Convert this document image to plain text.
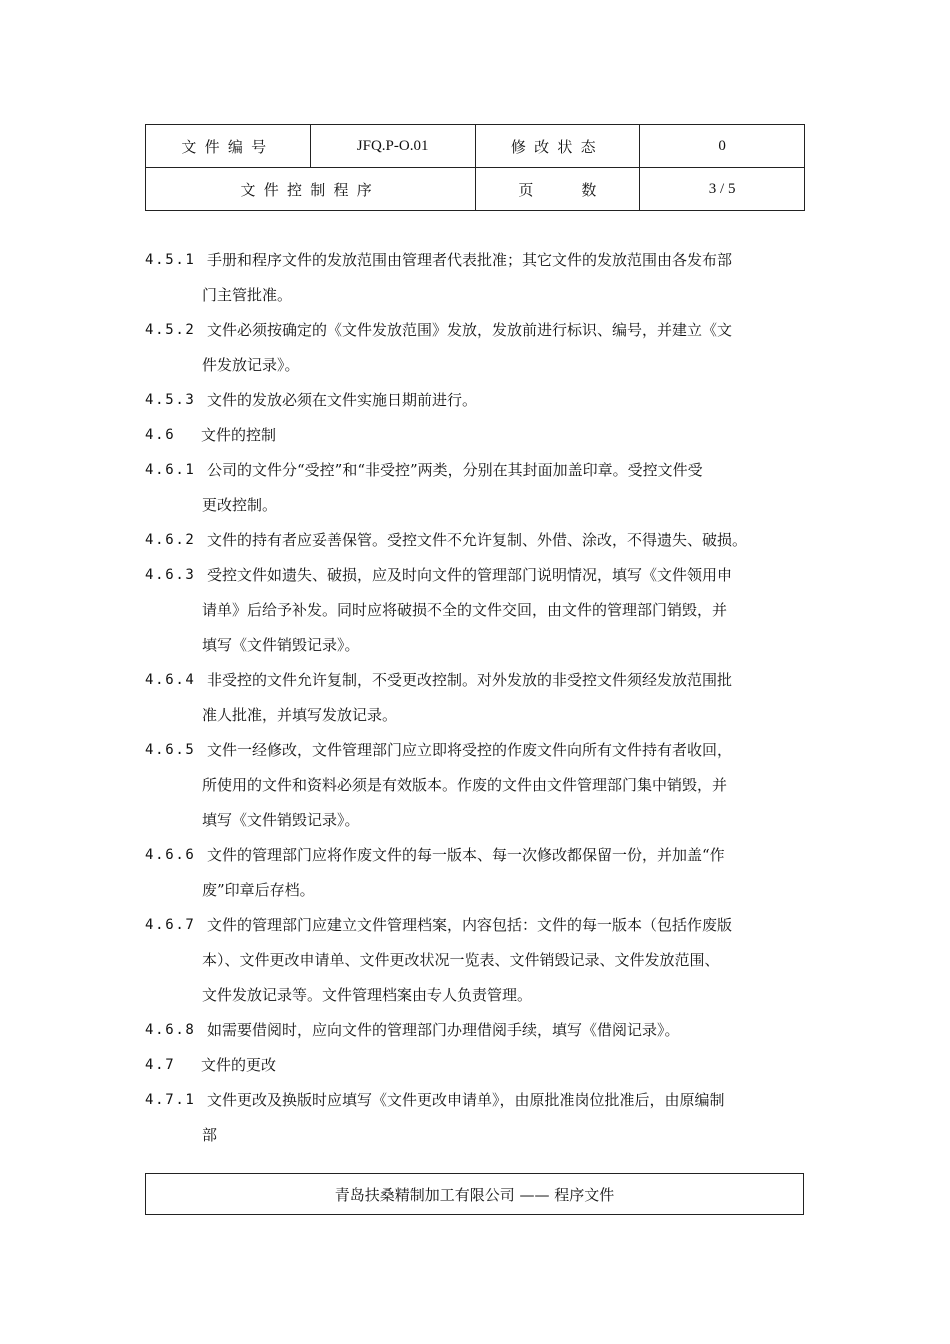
文件编号	JFQ.P-O.01	修改状态	0
文件控制程序		页 数	3 / 5
4.5.1 手册和程序文件的发放范围由管理者代表批准；其它文件的发放范围由各发布部
门主管批准。
4.5.2 文件必须按确定的《文件发放范围》发放，发放前进行标识、编号，并建立《文
件发放记录》。
4.5.3 文件的发放必须在文件实施日期前进行。
4.6	文件的控制
4.6.1 公司的文件分“受控”和“非受控”两类，分别在其封面加盖印章。受控文件受
更改控制。
4.6.2 文件的持有者应妥善保管。受控文件不允许复制、外借、涂改，不得遗失、破损。
4.6.3 受控文件如遗失、破损，应及时向文件的管理部门说明情况，填写《文件领用申
请单》后给予补发。同时应将破损不全的文件交回，由文件的管理部门销毁，并
填写《文件销毁记录》。
4.6.4 非受控的文件允许复制，不受更改控制。对外发放的非受控文件须经发放范围批
准人批准，并填写发放记录。
4.6.5 文件一经修改，文件管理部门应立即将受控的作废文件向所有文件持有者收回，
所使用的文件和资料必须是有效版本。作废的文件由文件管理部门集中销毁，并
填写《文件销毁记录》。
4.6.6 文件的管理部门应将作废文件的每一版本、每一次修改都保留一份，并加盖“作
废”印章后存档。
4.6.7 文件的管理部门应建立文件管理档案，内容包括：文件的每一版本（包括作废版
本）、文件更改申请单、文件更改状况一览表、文件销毁记录、文件发放范围、
文件发放记录等。文件管理档案由专人负责管理。
4.6.8 如需要借阅时，应向文件的管理部门办理借阅手续，填写《借阅记录》。
4.7	文件的更改
4.7.1 文件更改及换版时应填写《文件更改申请单》，由原批准岗位批准后，由原编制
部
青岛扶桑精制加工有限公司 —— 程序文件
